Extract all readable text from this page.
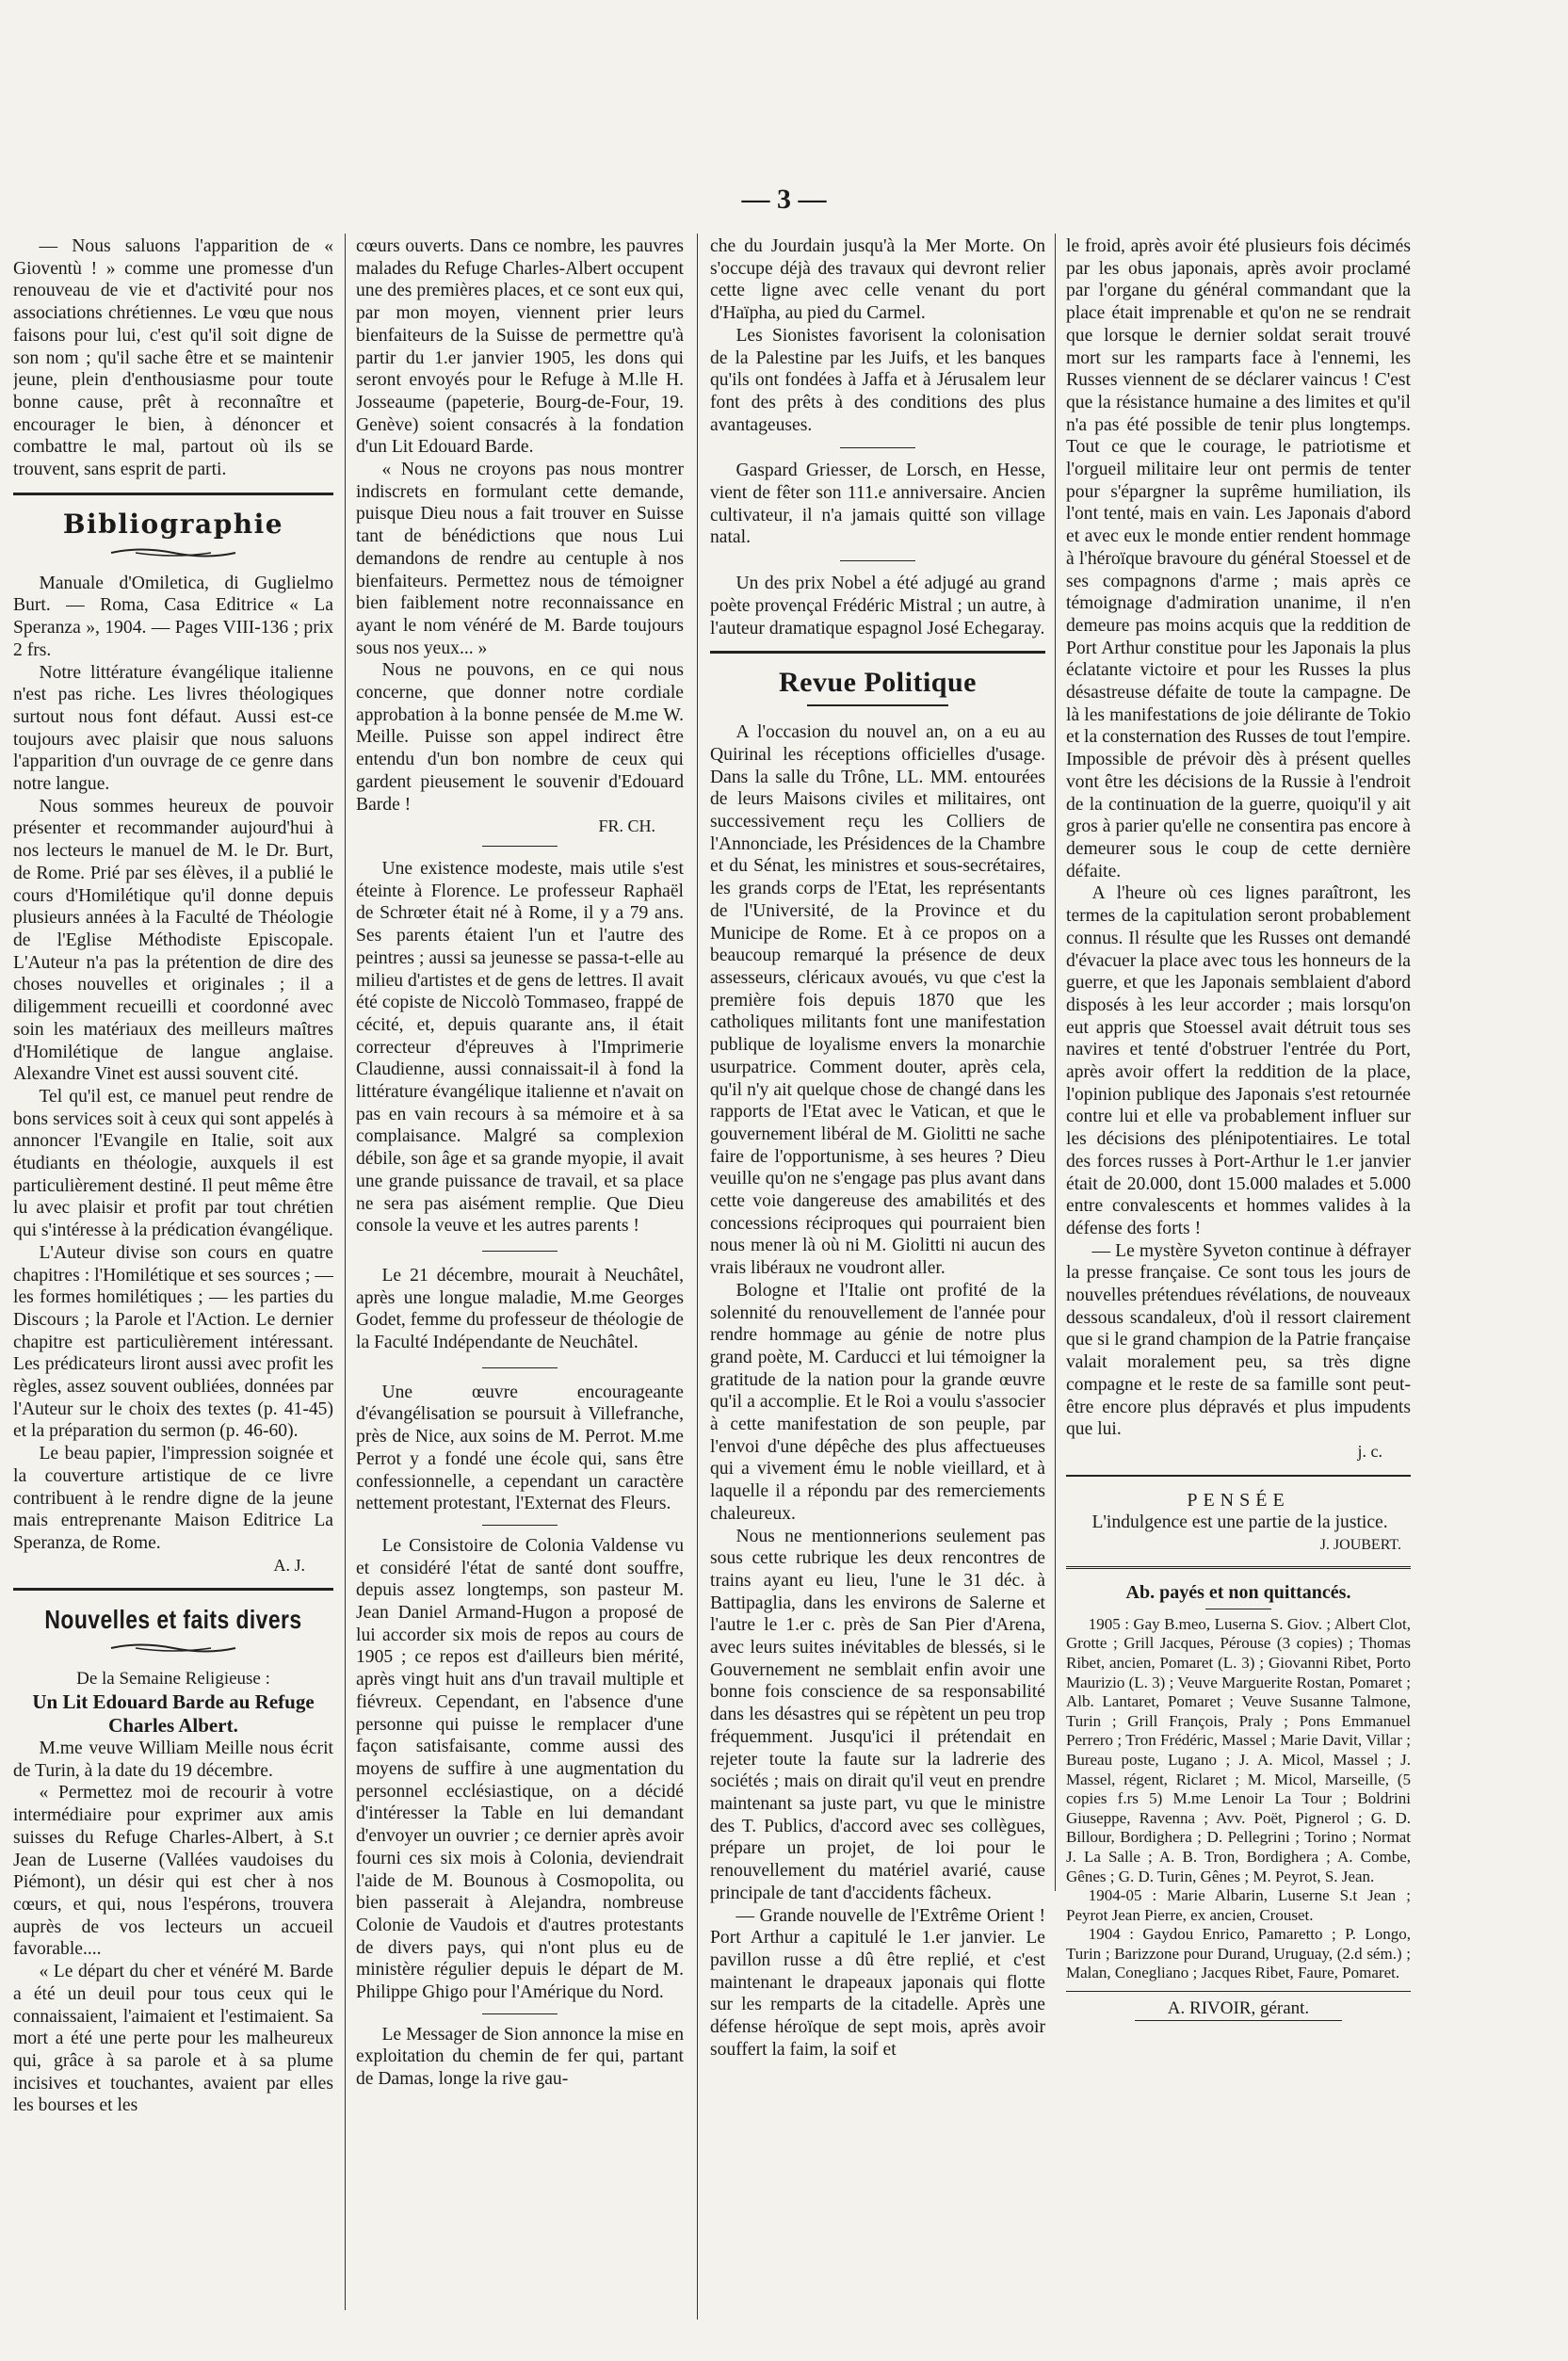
— 3 —

— Nous saluons l'apparition de « Gioventù ! » comme une promesse d'un renouveau de vie et d'activité pour nos associations chrétiennes. Le vœu que nous faisons pour lui, c'est qu'il soit digne de son nom ; qu'il sache être et se maintenir jeune, plein d'enthousiasme pour toute bonne cause, prêt à reconnaître et encourager le bien, à dénoncer et combattre le mal, partout où ils se trouvent, sans esprit de parti.

Bibliographie

Manuale d'Omiletica, di Guglielmo Burt. — Roma, Casa Editrice « La Speranza », 1904. — Pages VIII-136 ; prix 2 frs.

Notre littérature évangélique italienne n'est pas riche. Les livres théologiques surtout nous font défaut. Aussi est-ce toujours avec plaisir que nous saluons l'apparition d'un ouvrage de ce genre dans notre langue.

Nous sommes heureux de pouvoir présenter et recommander aujourd'hui à nos lecteurs le manuel de M. le Dr. Burt, de Rome. Prié par ses élèves, il a publié le cours d'Homilétique qu'il donne depuis plusieurs années à la Faculté de Théologie de l'Eglise Méthodiste Episcopale. L'Auteur n'a pas la prétention de dire des choses nouvelles et originales ; il a diligemment recueilli et coordonné avec soin les matériaux des meilleurs maîtres d'Homilétique de langue anglaise. Alexandre Vinet est aussi souvent cité.

Tel qu'il est, ce manuel peut rendre de bons services soit à ceux qui sont appelés à annoncer l'Evangile en Italie, soit aux étudiants en théologie, auxquels il est particulièrement destiné. Il peut même être lu avec plaisir et profit par tout chrétien qui s'intéresse à la prédication évangélique.

L'Auteur divise son cours en quatre chapitres : l'Homilétique et ses sources ; — les formes homilétiques ; — les parties du Discours ; la Parole et l'Action. Le dernier chapitre est particulièrement intéressant. Les prédicateurs liront aussi avec profit les règles, assez souvent oubliées, données par l'Auteur sur le choix des textes (p. 41-45) et la préparation du sermon (p. 46-60).

Le beau papier, l'impression soignée et la couverture artistique de ce livre contribuent à le rendre digne de la jeune mais entreprenante Maison Editrice La Speranza, de Rome.

A. J.
Nouvelles et faits divers
De la Semaine Religieuse :
Un Lit Edouard Barde au Refuge Charles Albert.

M.me veuve William Meille nous écrit de Turin, à la date du 19 décembre.

« Permettez moi de recourir à votre intermédiaire pour exprimer aux amis suisses du Refuge Charles-Albert, à S.t Jean de Luserne (Vallées vaudoises du Piémont), un désir qui est cher à nos cœurs, et qui, nous l'espérons, trouvera auprès de vos lecteurs un accueil favorable....

« Le départ du cher et vénéré M. Barde a été un deuil pour tous ceux qui le connaissaient, l'aimaient et l'estimaient. Sa mort a été une perte pour les malheureux qui, grâce à sa parole et à sa plume incisives et touchantes, avaient par elles les bourses et les

cœurs ouverts. Dans ce nombre, les pauvres malades du Refuge Charles-Albert occupent une des premières places, et ce sont eux qui, par mon moyen, viennent prier leurs bienfaiteurs de la Suisse de permettre qu'à partir du 1.er janvier 1905, les dons qui seront envoyés pour le Refuge à M.lle H. Josseaume (papeterie, Bourg-de-Four, 19. Genève) soient consacrés à la fondation d'un Lit Edouard Barde.

« Nous ne croyons pas nous montrer indiscrets en formulant cette demande, puisque Dieu nous a fait trouver en Suisse tant de bénédictions que nous Lui demandons de rendre au centuple à nos bienfaiteurs. Permettez nous de témoigner bien faiblement notre reconnaissance en ayant le nom vénéré de M. Barde toujours sous nos yeux... »

Nous ne pouvons, en ce qui nous concerne, que donner notre cordiale approbation à la bonne pensée de M.me W. Meille. Puisse son appel indirect être entendu d'un bon nombre de ceux qui gardent pieusement le souvenir d'Edouard Barde !

FR. CH.

Une existence modeste, mais utile s'est éteinte à Florence. Le professeur Raphaël de Schrœter était né à Rome, il y a 79 ans. Ses parents étaient l'un et l'autre des peintres ; aussi sa jeunesse se passa-t-elle au milieu d'artistes et de gens de lettres. Il avait été copiste de Niccolò Tommaseo, frappé de cécité, et, depuis quarante ans, il était correcteur d'épreuves à l'Imprimerie Claudienne, aussi connaissait-il à fond la littérature évangélique italienne et n'avait on pas en vain recours à sa mémoire et à sa complaisance. Malgré sa complexion débile, son âge et sa grande myopie, il avait une grande puissance de travail, et sa place ne sera pas aisément remplie. Que Dieu console la veuve et les autres parents !

Le 21 décembre, mourait à Neuchâtel, après une longue maladie, M.me Georges Godet, femme du professeur de théologie de la Faculté Indépendante de Neuchâtel.

Une œuvre encourageante d'évangélisation se poursuit à Villefranche, près de Nice, aux soins de M. Perrot. M.me Perrot y a fondé une école qui, sans être confessionnelle, a cependant un caractère nettement protestant, l'Externat des Fleurs.

Le Consistoire de Colonia Valdense vu et considéré l'état de santé dont souffre, depuis assez longtemps, son pasteur M. Jean Daniel Armand-Hugon a proposé de lui accorder six mois de repos au cours de 1905 ; ce repos est d'ailleurs bien mérité, après vingt huit ans d'un travail multiple et fiévreux. Cependant, en l'absence d'une personne qui puisse le remplacer d'une façon satisfaisante, comme aussi des moyens de suffire à une augmentation du personnel ecclésiastique, on a décidé d'intéresser la Table en lui demandant d'envoyer un ouvrier ; ce dernier après avoir fourni ces six mois à Colonia, deviendrait l'aide de M. Bounous à Cosmopolita, ou bien passerait à Alejandra, nombreuse Colonie de Vaudois et d'autres protestants de divers pays, qui n'ont plus eu de ministère régulier depuis le départ de M. Philippe Ghigo pour l'Amérique du Nord.

Le Messager de Sion annonce la mise en exploitation du chemin de fer qui, partant de Damas, longe la rive gau-

che du Jourdain jusqu'à la Mer Morte. On s'occupe déjà des travaux qui devront relier cette ligne avec celle venant du port d'Haïpha, au pied du Carmel.

Les Sionistes favorisent la colonisation de la Palestine par les Juifs, et les banques qu'ils ont fondées à Jaffa et à Jérusalem leur font des prêts à des conditions des plus avantageuses.

Gaspard Griesser, de Lorsch, en Hesse, vient de fêter son 111.e anniversaire. Ancien cultivateur, il n'a jamais quitté son village natal.

Un des prix Nobel a été adjugé au grand poète provençal Frédéric Mistral ; un autre, à l'auteur dramatique espagnol José Echegaray.

Revue Politique

A l'occasion du nouvel an, on a eu au Quirinal les réceptions officielles d'usage. Dans la salle du Trône, LL. MM. entourées de leurs Maisons civiles et militaires, ont successivement reçu les Colliers de l'Annonciade, les Présidences de la Chambre et du Sénat, les ministres et sous-secrétaires, les grands corps de l'Etat, les représentants de l'Université, de la Province et du Municipe de Rome. Et à ce propos on a beaucoup remarqué la présence de deux assesseurs, cléricaux avoués, vu que c'est la première fois depuis 1870 que les catholiques militants font une manifestation publique de loyalisme envers la monarchie usurpatrice. Comment douter, après cela, qu'il n'y ait quelque chose de changé dans les rapports de l'Etat avec le Vatican, et que le gouvernement libéral de M. Giolitti ne sache faire de l'opportunisme, à ses heures ? Dieu veuille qu'on ne s'engage pas plus avant dans cette voie dangereuse des amabilités et des concessions réciproques qui pourraient bien nous mener là où ni M. Giolitti ni aucun des vrais libéraux ne voudront aller.

Bologne et l'Italie ont profité de la solennité du renouvellement de l'année pour rendre hommage au génie de notre plus grand poète, M. Carducci et lui témoigner la gratitude de la nation pour la grande œuvre qu'il a accomplie. Et le Roi a voulu s'associer à cette manifestation de son peuple, par l'envoi d'une dépêche des plus affectueuses qui a vivement ému le noble vieillard, et à laquelle il a répondu par des remerciements chaleureux.

Nous ne mentionnerions seulement pas sous cette rubrique les deux rencontres de trains ayant eu lieu, l'une le 31 déc. à Battipaglia, dans les environs de Salerne et l'autre le 1.er c. près de San Pier d'Arena, avec leurs suites inévitables de blessés, si le Gouvernement ne semblait enfin avoir une bonne fois conscience de sa responsabilité dans les désastres qui se répètent un peu trop fréquemment. Jusqu'ici il prétendait en rejeter toute la faute sur la ladrerie des sociétés ; mais on dirait qu'il veut en prendre maintenant sa juste part, vu que le ministre des T. Publics, d'accord avec ses collègues, prépare un projet, de loi pour le renouvellement du matériel avarié, cause principale de tant d'accidents fâcheux.

— Grande nouvelle de l'Extrême Orient ! Port Arthur a capitulé le 1.er janvier. Le pavillon russe a dû être replié, et c'est maintenant le drapeaux japonais qui flotte sur les remparts de la citadelle. Après une défense héroïque de sept mois, après avoir souffert la faim, la soif et

le froid, après avoir été plusieurs fois décimés par les obus japonais, après avoir proclamé par l'organe du général commandant que la place était imprenable et qu'on ne se rendrait que lorsque le dernier soldat serait trouvé mort sur les ramparts face à l'ennemi, les Russes viennent de se déclarer vaincus ! C'est que la résistance humaine a des limites et qu'il n'a pas été possible de tenir plus longtemps. Tout ce que le courage, le patriotisme et l'orgueil militaire leur ont permis de tenter pour s'épargner la suprême humiliation, ils l'ont tenté, mais en vain. Les Japonais d'abord et avec eux le monde entier rendent hommage à l'héroïque bravoure du général Stoessel et de ses compagnons d'arme ; mais après ce témoignage d'admiration unanime, il n'en demeure pas moins acquis que la reddition de Port Arthur constitue pour les Japonais la plus éclatante victoire et pour les Russes la plus désastreuse défaite de toute la campagne. De là les manifestations de joie délirante de Tokio et la consternation des Russes de tout l'empire. Impossible de prévoir dès à présent quelles vont être les décisions de la Russie à l'endroit de la continuation de la guerre, quoiqu'il y ait gros à parier qu'elle ne consentira pas encore à demeurer sous le coup de cette dernière défaite.

A l'heure où ces lignes paraîtront, les termes de la capitulation seront probablement connus. Il résulte que les Russes ont demandé d'évacuer la place avec tous les honneurs de la guerre, et que les Japonais semblaient d'abord disposés à les leur accorder ; mais lorsqu'on eut appris que Stoessel avait détruit tous ses navires et tenté d'obstruer l'entrée du Port, après avoir offert la reddition de la place, l'opinion publique des Japonais s'est retournée contre lui et elle va probablement influer sur les décisions des plénipotentiaires. Le total des forces russes à Port-Arthur le 1.er janvier était de 20.000, dont 15.000 malades et 5.000 entre convalescents et hommes valides à la défense des forts !

— Le mystère Syveton continue à défrayer la presse française. Ce sont tous les jours de nouvelles prétendues révélations, de nouveaux dessous scandaleux, d'où il ressort clairement que si le grand champion de la Patrie française valait moralement peu, sa très digne compagne et le reste de sa famille sont peut-être encore plus dépravés et plus impudents que lui.

j. c.
PENSÉE

L'indulgence est une partie de la justice.

J. JOUBERT.
Ab. payés et non quittancés.

1905 : Gay B.meo, Luserna S. Giov. ; Albert Clot, Grotte ; Grill Jacques, Pérouse (3 copies) ; Thomas Ribet, ancien, Pomaret (L. 3) ; Giovanni Ribet, Porto Maurizio (L. 3) ; Veuve Marguerite Rostan, Pomaret ; Alb. Lantaret, Pomaret ; Veuve Susanne Talmone, Turin ; Grill François, Praly ; Pons Emmanuel Perrero ; Tron Frédéric, Massel ; Marie Davit, Villar ; Bureau poste, Lugano ; J. A. Micol, Massel ; J. Massel, régent, Riclaret ; M. Micol, Marseille, (5 copies f.rs 5) M.me Lenoir La Tour ; Boldrini Giuseppe, Ravenna ; Avv. Poët, Pignerol ; G. D. Billour, Bordighera ; D. Pellegrini ; Torino ; Normat J. La Salle ; A. B. Tron, Bordighera ; A. Combe, Gênes ; G. D. Turin, Gênes ; M. Peyrot, S. Jean.

1904-05 : Marie Albarin, Luserne S.t Jean ; Peyrot Jean Pierre, ex ancien, Crouset.

1904 : Gaydou Enrico, Pamaretto ; P. Longo, Turin ; Barizzone pour Durand, Uruguay, (2.d sém.) ; Malan, Conegliano ; Jacques Ribet, Faure, Pomaret.

A. RIVOIR, gérant.
